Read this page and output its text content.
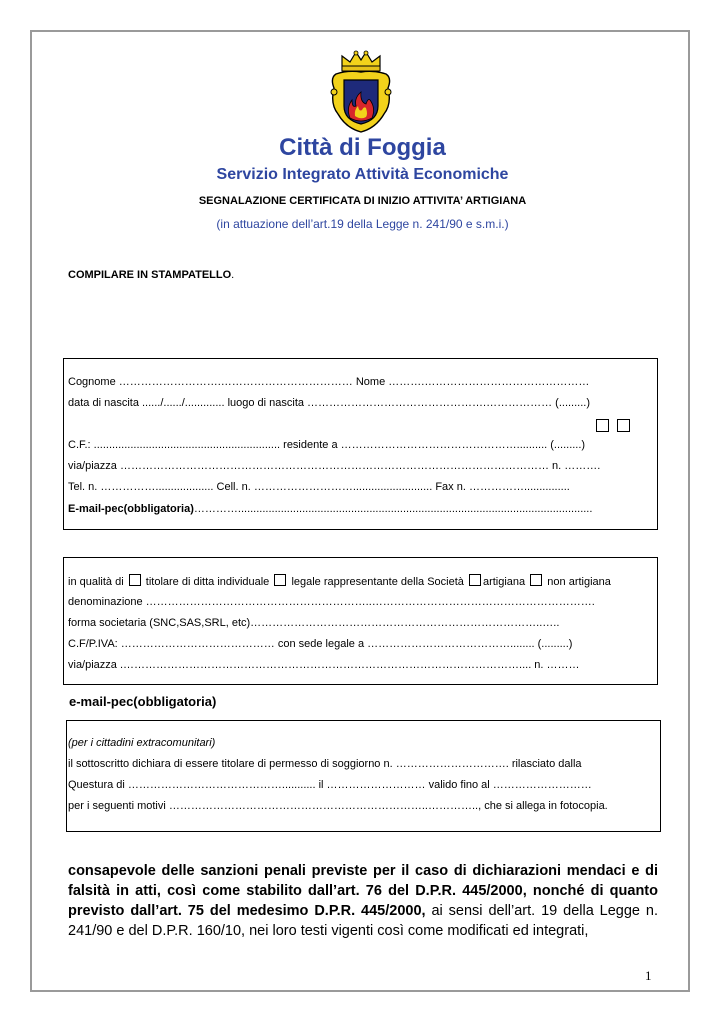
Città di Foggia
Servizio Integrato Attività Economiche
SEGNALAZIONE CERTIFICATA DI INIZIO ATTIVITA’ ARTIGIANA
(in attuazione dell’art.19 della Legge n. 241/90 e s.m.i.)
COMPILARE IN STAMPATELLO.
Cognome ……………………….……………………………… Nome ……….………………………………………
data di nascita ....../....../............. luogo di nascita ………………………………………….……………… (.........)
C.F.: ............................................................. residente a ………………………………………….......... (.........)
via/piazza ……………………………………………………………………………………………………… n. ……….
Tel. n. ……………................... Cell. n. ……………………….......................... Fax n. ……………...............
E-mail-pec(obbligatoria)…………....................................................................................................................
in qualità di titolare di ditta individuale legale rappresentante della Società artigiana non artigiana
denominazione ……………………………………………………..…………………………………………………….
forma societaria (SNC,SAS,SRL, etc)……………………………………………………………………..…..
C.F/P.IVA: …………………………………… con sede legale a …………………………………........ (.........)
via/piazza .……………………………………………………………………………………………….... n. ………
e-mail-pec(obbligatoria)
(per i cittadini extracomunitari)
il sottoscritto dichiara di essere titolare di permesso di soggiorno n. …………………………. rilasciato dalla
Questura di ……………………………………........... il ……………………… valido fino al ………………………
per i seguenti motivi ……………………………………………………………..………….., che si allega in fotocopia.
consapevole delle sanzioni penali previste per il caso di dichiarazioni mendaci e di falsità in atti, così come stabilito dall’art. 76 del D.P.R. 445/2000, nonché di quanto previsto dall’art. 75 del medesimo D.P.R. 445/2000, ai sensi dell’art. 19 della Legge n. 241/90 e del D.P.R. 160/10, nei loro testi vigenti così come modificati ed integrati,
1
